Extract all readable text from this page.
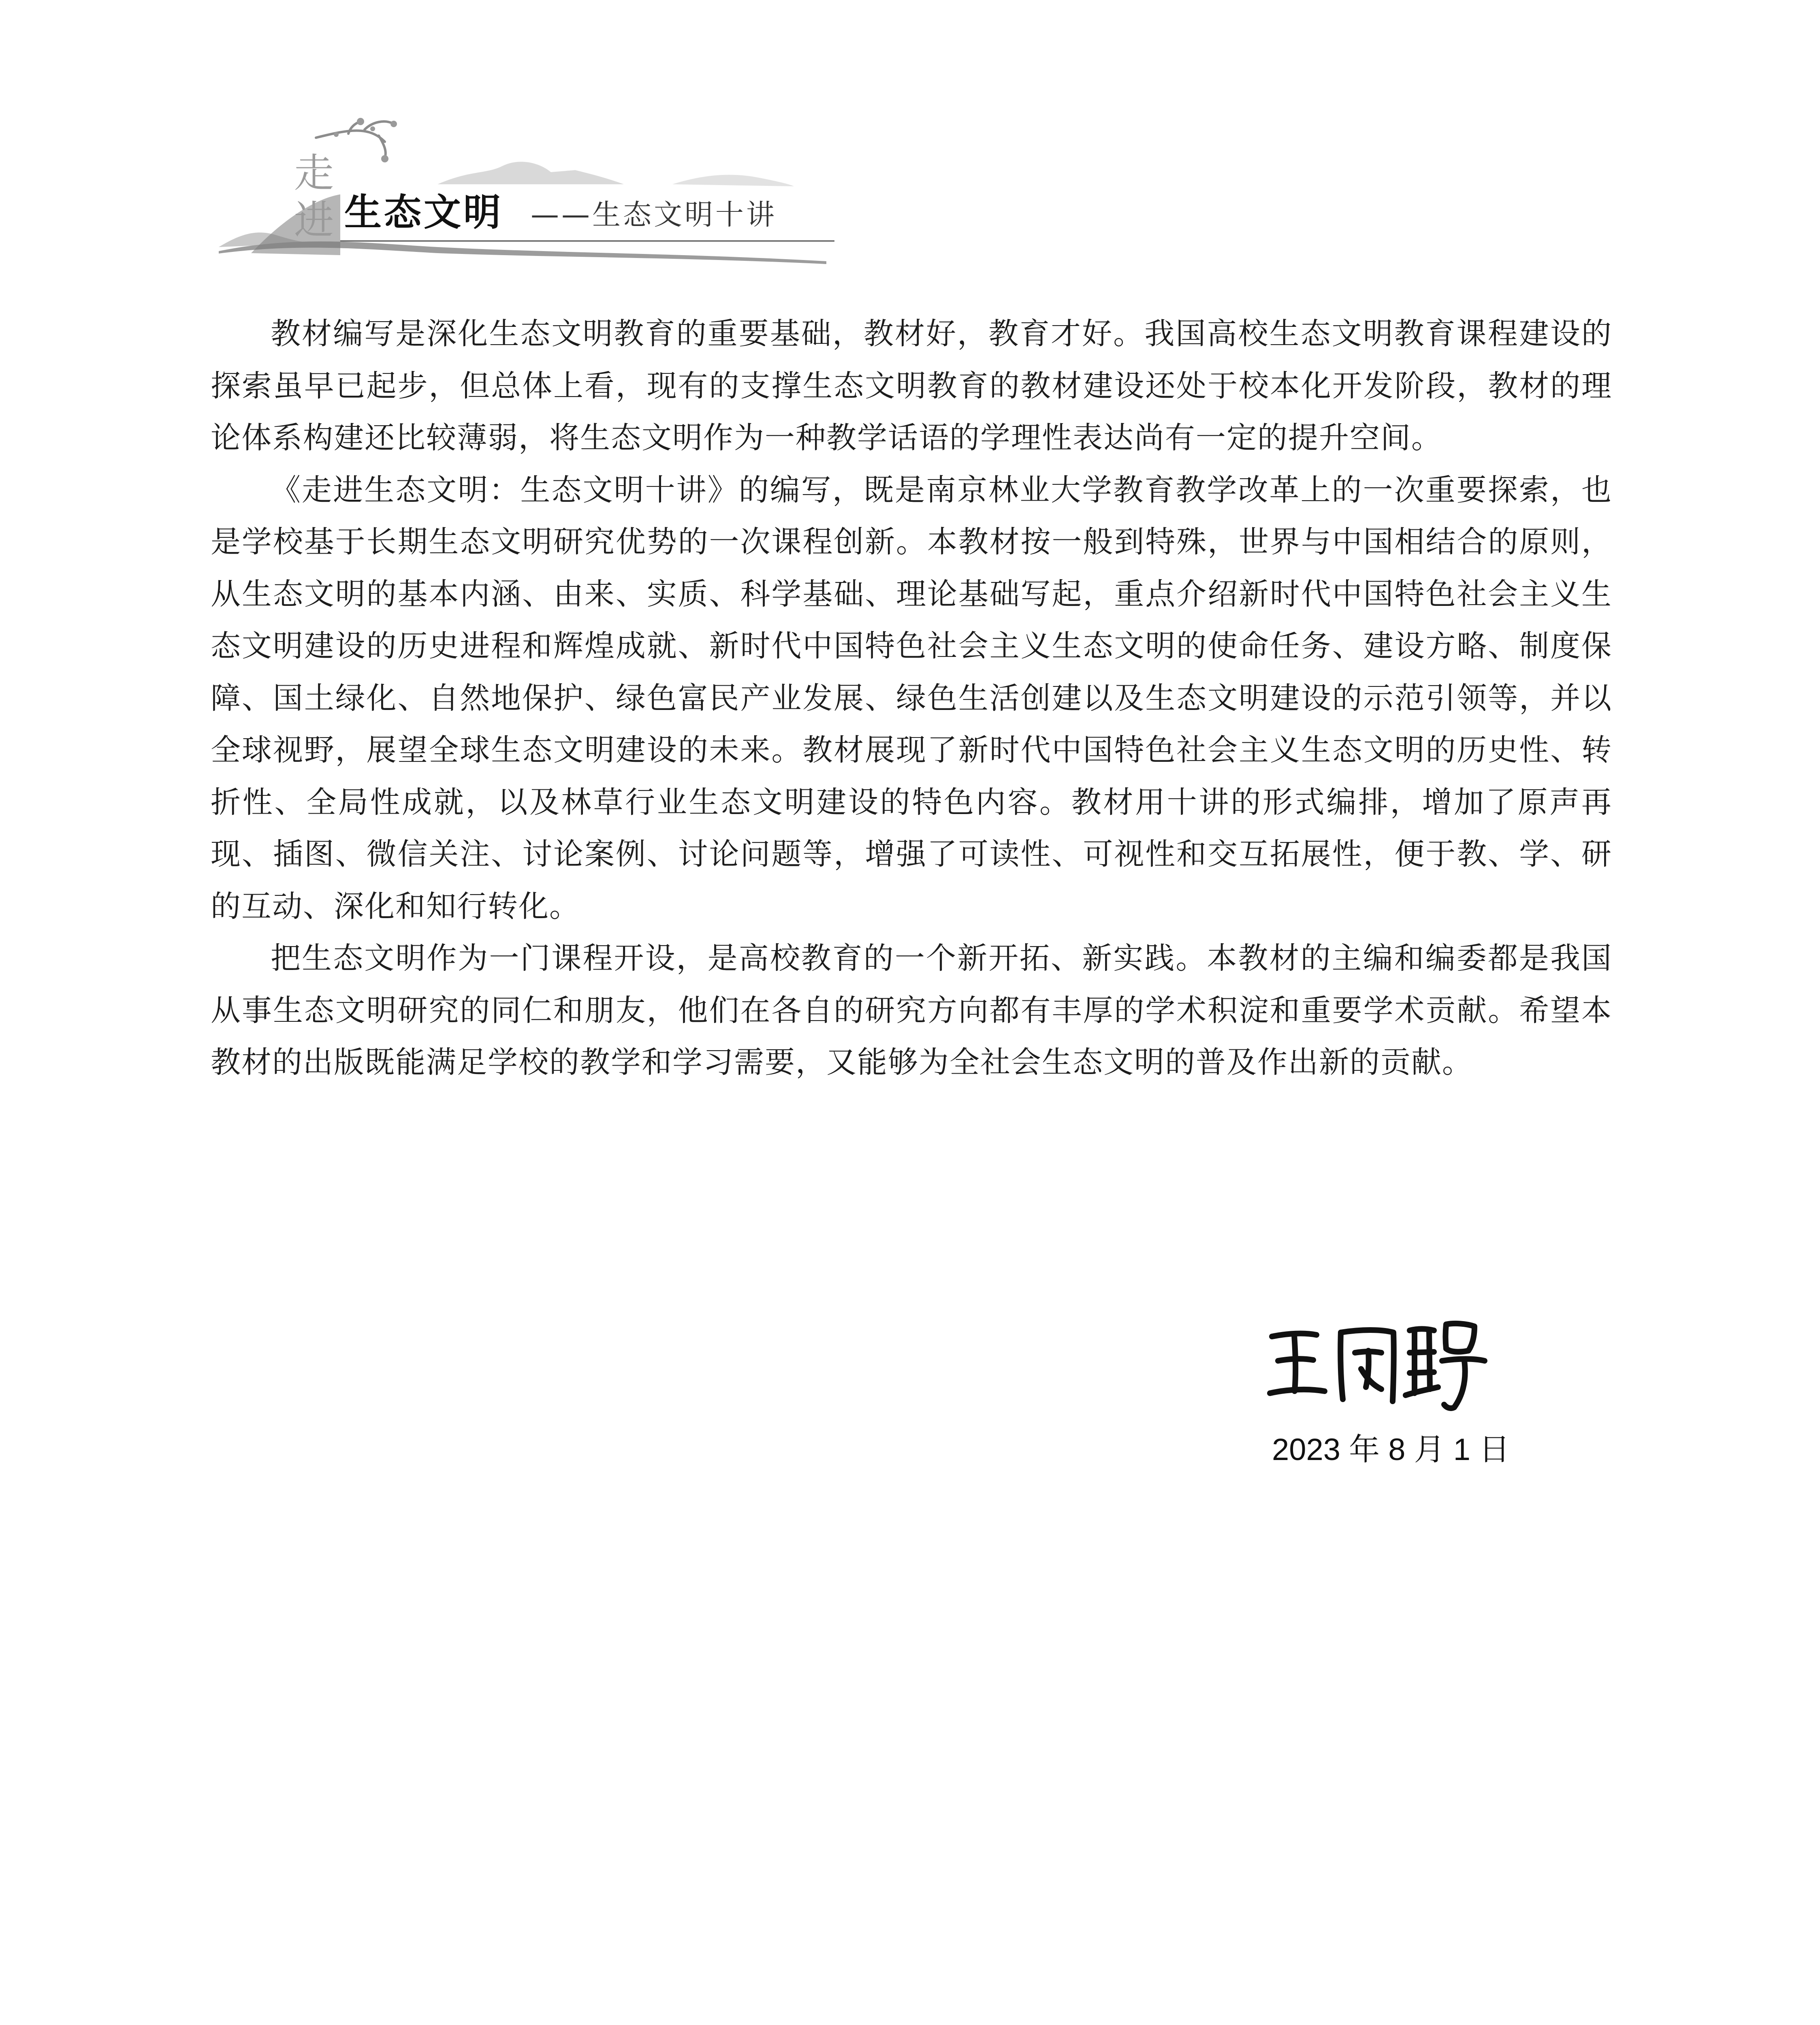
走
进 生态文明 ——生态文明十讲

教材编写是深化生态文明教育的重要基础，教材好，教育才好。我国高校生态文明教育课程建设的探索虽早已起步，但总体上看，现有的支撑生态文明教育的教材建设还处于校本化开发阶段，教材的理论体系构建还比较薄弱，将生态文明作为一种教学话语的学理性表达尚有一定的提升空间。

《走进生态文明：生态文明十讲》的编写，既是南京林业大学教育教学改革上的一次重要探索，也是学校基于长期生态文明研究优势的一次课程创新。本教材按一般到特殊，世界与中国相结合的原则，从生态文明的基本内涵、由来、实质、科学基础、理论基础写起，重点介绍新时代中国特色社会主义生态文明建设的历史进程和辉煌成就、新时代中国特色社会主义生态文明的使命任务、建设方略、制度保障、国土绿化、自然地保护、绿色富民产业发展、绿色生活创建以及生态文明建设的示范引领等，并以全球视野，展望全球生态文明建设的未来。教材展现了新时代中国特色社会主义生态文明的历史性、转折性、全局性成就，以及林草行业生态文明建设的特色内容。教材用十讲的形式编排，增加了原声再现、插图、微信关注、讨论案例、讨论问题等，增强了可读性、可视性和交互拓展性，便于教、学、研的互动、深化和知行转化。

把生态文明作为一门课程开设，是高校教育的一个新开拓、新实践。本教材的主编和编委都是我国从事生态文明研究的同仁和朋友，他们在各自的研究方向都有丰厚的学术积淀和重要学术贡献。希望本教材的出版既能满足学校的教学和学习需要，又能够为全社会生态文明的普及作出新的贡献。

2023 年 8 月 1 日
